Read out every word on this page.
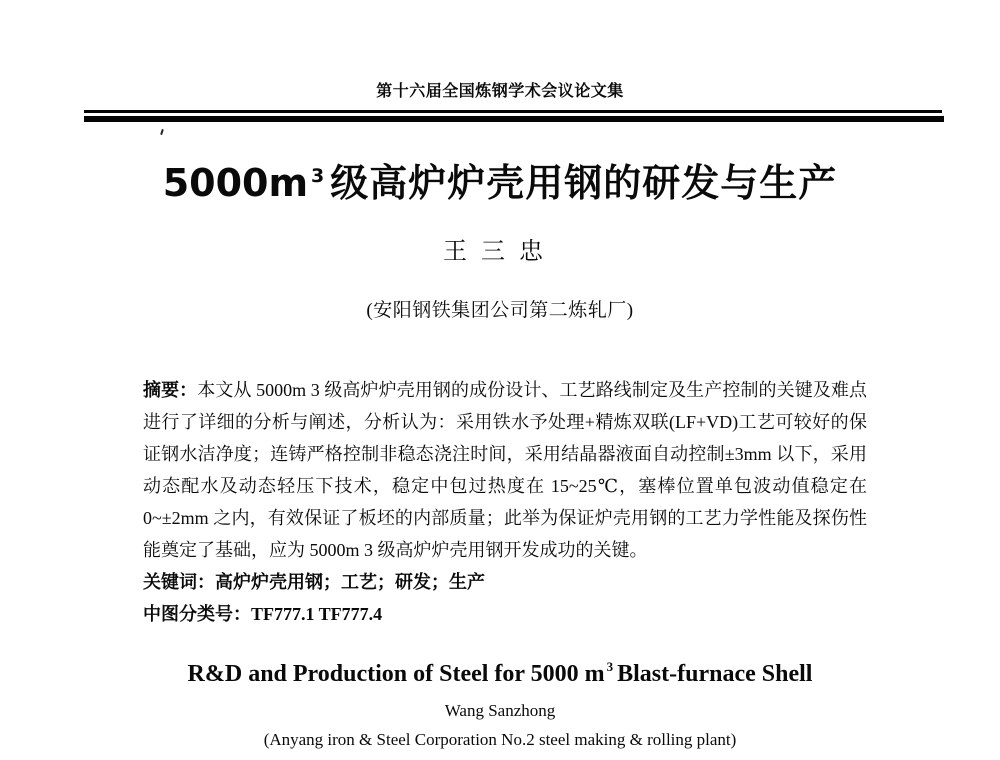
第十六届全国炼钢学术会议论文集
5000m $^3$ 级高炉炉壳用钢的研发与生产
王三忠
(安阳钢铁集团公司第二炼轧厂)
摘要：本文从 5000m 3 级高炉炉壳用钢的成份设计、工艺路线制定及生产控制的关键及难点
进行了详细的分析与阐述，分析认为：采用铁水予处理+精炼双联(LF+VD)工艺可较好的保
证钢水洁净度；连铸严格控制非稳态浇注时间，采用结晶器液面自动控制±3mm 以下，采用
动态配水及动态轻压下技术，稳定中包过热度在 15~25℃，塞棒位置单包波动值稳定在
0~±2mm 之内，有效保证了板坯的内部质量；此举为保证炉壳用钢的工艺力学性能及探伤性
能奠定了基础，应为 5000m 3 级高炉炉壳用钢开发成功的关键。
关键词：高炉炉壳用钢；工艺；研发；生产
中图分类号：TF777.1 TF777.4
R&D and Production of Steel for 5000 m $^3$ Blast-furnace Shell
Wang Sanzhong
(Anyang iron & Steel Corporation No.2 steel making & rolling plant)
